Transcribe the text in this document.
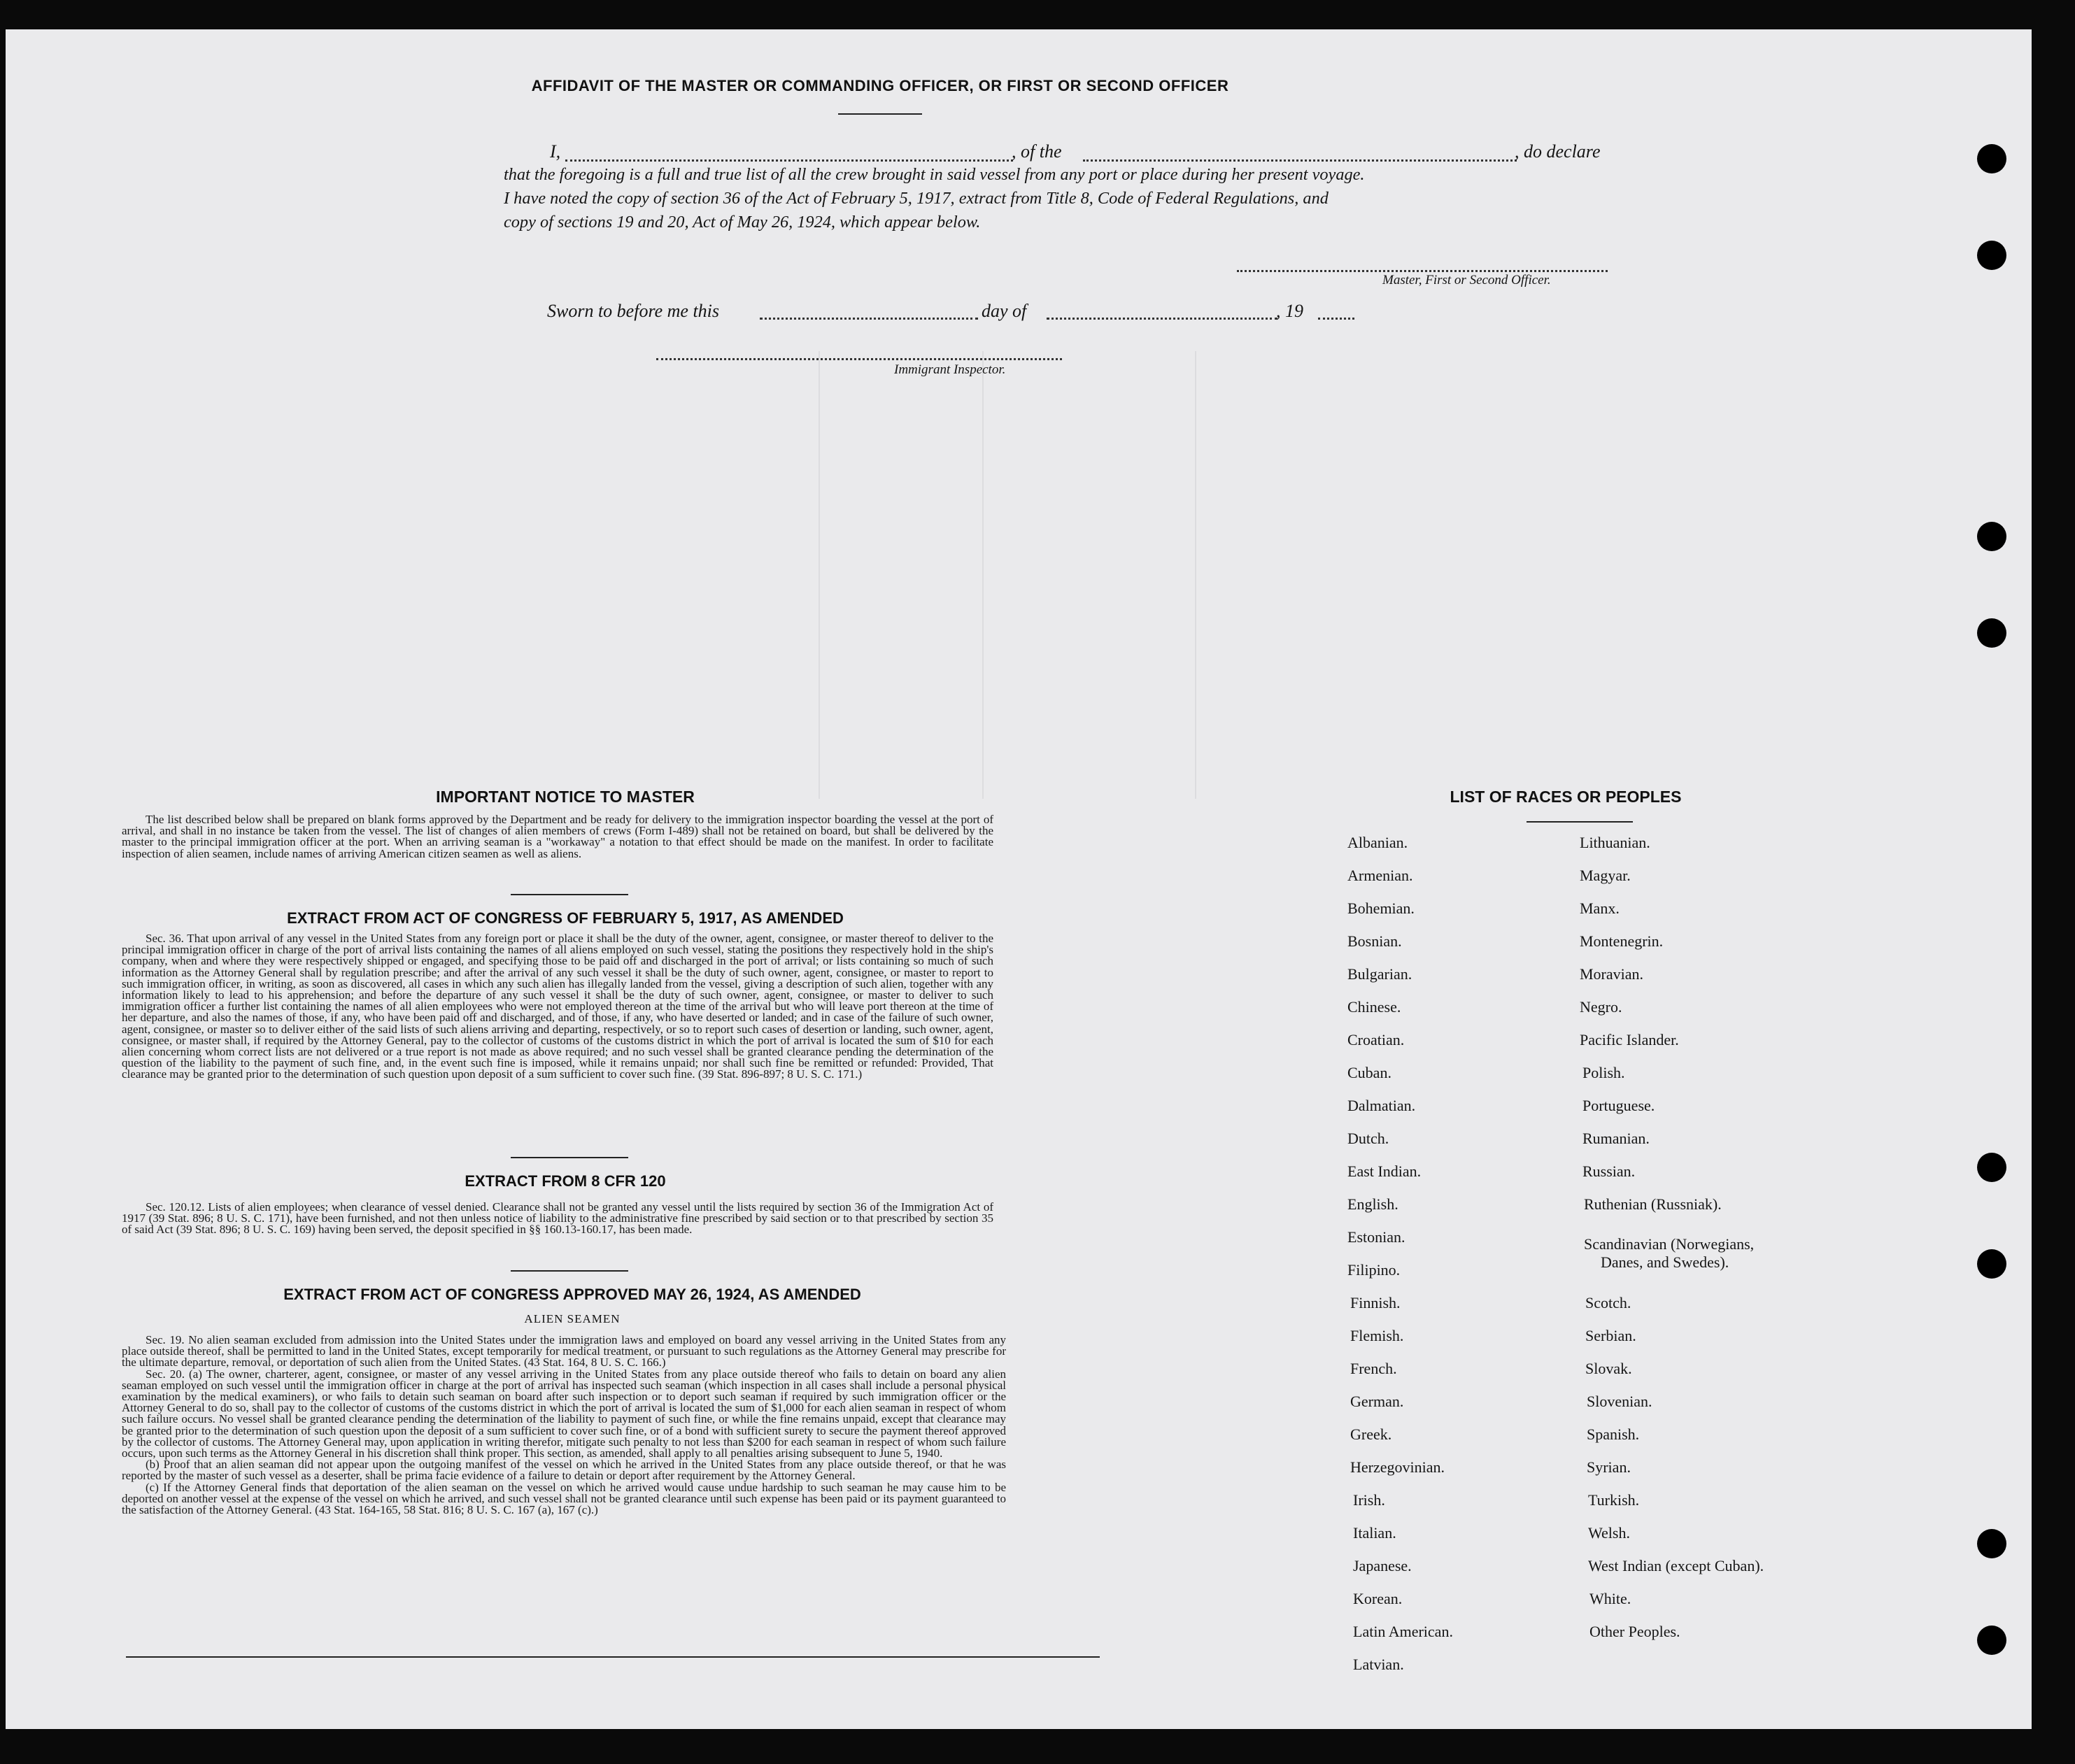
AFFIDAVIT OF THE MASTER OR COMMANDING OFFICER, OR FIRST OR SECOND OFFICER
I,	, of the	, do declare
that the foregoing is a full and true list of all the crew brought in said vessel from any port or place during her present voyage.
I have noted the copy of section 36 of the Act of February 5, 1917, extract from Title 8, Code of Federal Regulations, and
copy of sections 19 and 20, Act of May 26, 1924, which appear below.
Master, First or Second Officer.
Sworn to before me this	day of	, 19
Immigrant Inspector.
IMPORTANT NOTICE TO MASTER

The list described below shall be prepared on blank forms approved by the Department and be ready for delivery to the immigration inspector boarding the vessel at the port of arrival, and shall in no instance be taken from the vessel. The list of changes of alien members of crews (Form I-489) shall not be retained on board, but shall be delivered by the master to the principal immigration officer at the port. When an arriving seaman is a "workaway" a notation to that effect should be made on the manifest. In order to facilitate inspection of alien seamen, include names of arriving American citizen seamen as well as aliens.

EXTRACT FROM ACT OF CONGRESS OF FEBRUARY 5, 1917, AS AMENDED

Sec. 36. That upon arrival of any vessel in the United States from any foreign port or place it shall be the duty of the owner, agent, consignee, or master thereof to deliver to the principal immigration officer in charge of the port of arrival lists containing the names of all aliens employed on such vessel, stating the positions they respectively hold in the ship's company, when and where they were respectively shipped or engaged, and specifying those to be paid off and discharged in the port of arrival; or lists containing so much of such information as the Attorney General shall by regulation prescribe; and after the arrival of any such vessel it shall be the duty of such owner, agent, consignee, or master to report to such immigration officer, in writing, as soon as discovered, all cases in which any such alien has illegally landed from the vessel, giving a description of such alien, together with any information likely to lead to his apprehension; and before the departure of any such vessel it shall be the duty of such owner, agent, consignee, or master to deliver to such immigration officer a further list containing the names of all alien employees who were not employed thereon at the time of the arrival but who will leave port thereon at the time of her departure, and also the names of those, if any, who have been paid off and discharged, and of those, if any, who have deserted or landed; and in case of the failure of such owner, agent, consignee, or master so to deliver either of the said lists of such aliens arriving and departing, respectively, or so to report such cases of desertion or landing, such owner, agent, consignee, or master shall, if required by the Attorney General, pay to the collector of customs of the customs district in which the port of arrival is located the sum of $10 for each alien concerning whom correct lists are not delivered or a true report is not made as above required; and no such vessel shall be granted clearance pending the determination of the question of the liability to the payment of such fine, and, in the event such fine is imposed, while it remains unpaid; nor shall such fine be remitted or refunded: Provided, That clearance may be granted prior to the determination of such question upon deposit of a sum sufficient to cover such fine. (39 Stat. 896-897; 8 U. S. C. 171.)

EXTRACT FROM 8 CFR 120

Sec. 120.12. Lists of alien employees; when clearance of vessel denied. Clearance shall not be granted any vessel until the lists required by section 36 of the Immigration Act of 1917 (39 Stat. 896; 8 U. S. C. 171), have been furnished, and not then unless notice of liability to the administrative fine prescribed by said section or to that prescribed by section 35 of said Act (39 Stat. 896; 8 U. S. C. 169) having been served, the deposit specified in §§ 160.13-160.17, has been made.

EXTRACT FROM ACT OF CONGRESS APPROVED MAY 26, 1924, AS AMENDED
ALIEN SEAMEN

Sec. 19. No alien seaman excluded from admission into the United States under the immigration laws and employed on board any vessel arriving in the United States from any place outside thereof, shall be permitted to land in the United States, except temporarily for medical treatment, or pursuant to such regulations as the Attorney General may prescribe for the ultimate departure, removal, or deportation of such alien from the United States. (43 Stat. 164, 8 U. S. C. 166.)

Sec. 20. (a) The owner, charterer, agent, consignee, or master of any vessel arriving in the United States from any place outside thereof who fails to detain on board any alien seaman employed on such vessel until the immigration officer in charge at the port of arrival has inspected such seaman (which inspection in all cases shall include a personal physical examination by the medical examiners), or who fails to detain such seaman on board after such inspection or to deport such seaman if required by such immigration officer or the Attorney General to do so, shall pay to the collector of customs of the customs district in which the port of arrival is located the sum of $1,000 for each alien seaman in respect of whom such failure occurs. No vessel shall be granted clearance pending the determination of the liability to payment of such fine, or while the fine remains unpaid, except that clearance may be granted prior to the determination of such question upon the deposit of a sum sufficient to cover such fine, or of a bond with sufficient surety to secure the payment thereof approved by the collector of customs. The Attorney General may, upon application in writing therefor, mitigate such penalty to not less than $200 for each seaman in respect of whom such failure occurs, upon such terms as the Attorney General in his discretion shall think proper. This section, as amended, shall apply to all penalties arising subsequent to June 5, 1940.

(b) Proof that an alien seaman did not appear upon the outgoing manifest of the vessel on which he arrived in the United States from any place outside thereof, or that he was reported by the master of such vessel as a deserter, shall be prima facie evidence of a failure to detain or deport after requirement by the Attorney General.

(c) If the Attorney General finds that deportation of the alien seaman on the vessel on which he arrived would cause undue hardship to such seaman he may cause him to be deported on another vessel at the expense of the vessel on which he arrived, and such vessel shall not be granted clearance until such expense has been paid or its payment guaranteed to the satisfaction of the Attorney General. (43 Stat. 164-165, 58 Stat. 816; 8 U. S. C. 167 (a), 167 (c).)

LIST OF RACES OR PEOPLES
Albanian.
Armenian.
Bohemian.
Bosnian.
Bulgarian.
Chinese.
Croatian.
Cuban.
Dalmatian.
Dutch.
East Indian.
English.
Estonian.
Filipino.
Finnish.
Flemish.
French.
German.
Greek.
Herzegovinian.
Irish.
Italian.
Japanese.
Korean.
Latin American.
Latvian.
Lithuanian.
Magyar.
Manx.
Montenegrin.
Moravian.
Negro.
Pacific Islander.
Polish.
Portuguese.
Rumanian.
Russian.
Ruthenian (Russniak).
Scandinavian (Norwegians,
Danes, and Swedes).
Scotch.
Serbian.
Slovak.
Slovenian.
Spanish.
Syrian.
Turkish.
Welsh.
West Indian (except Cuban).
White.
Other Peoples.
